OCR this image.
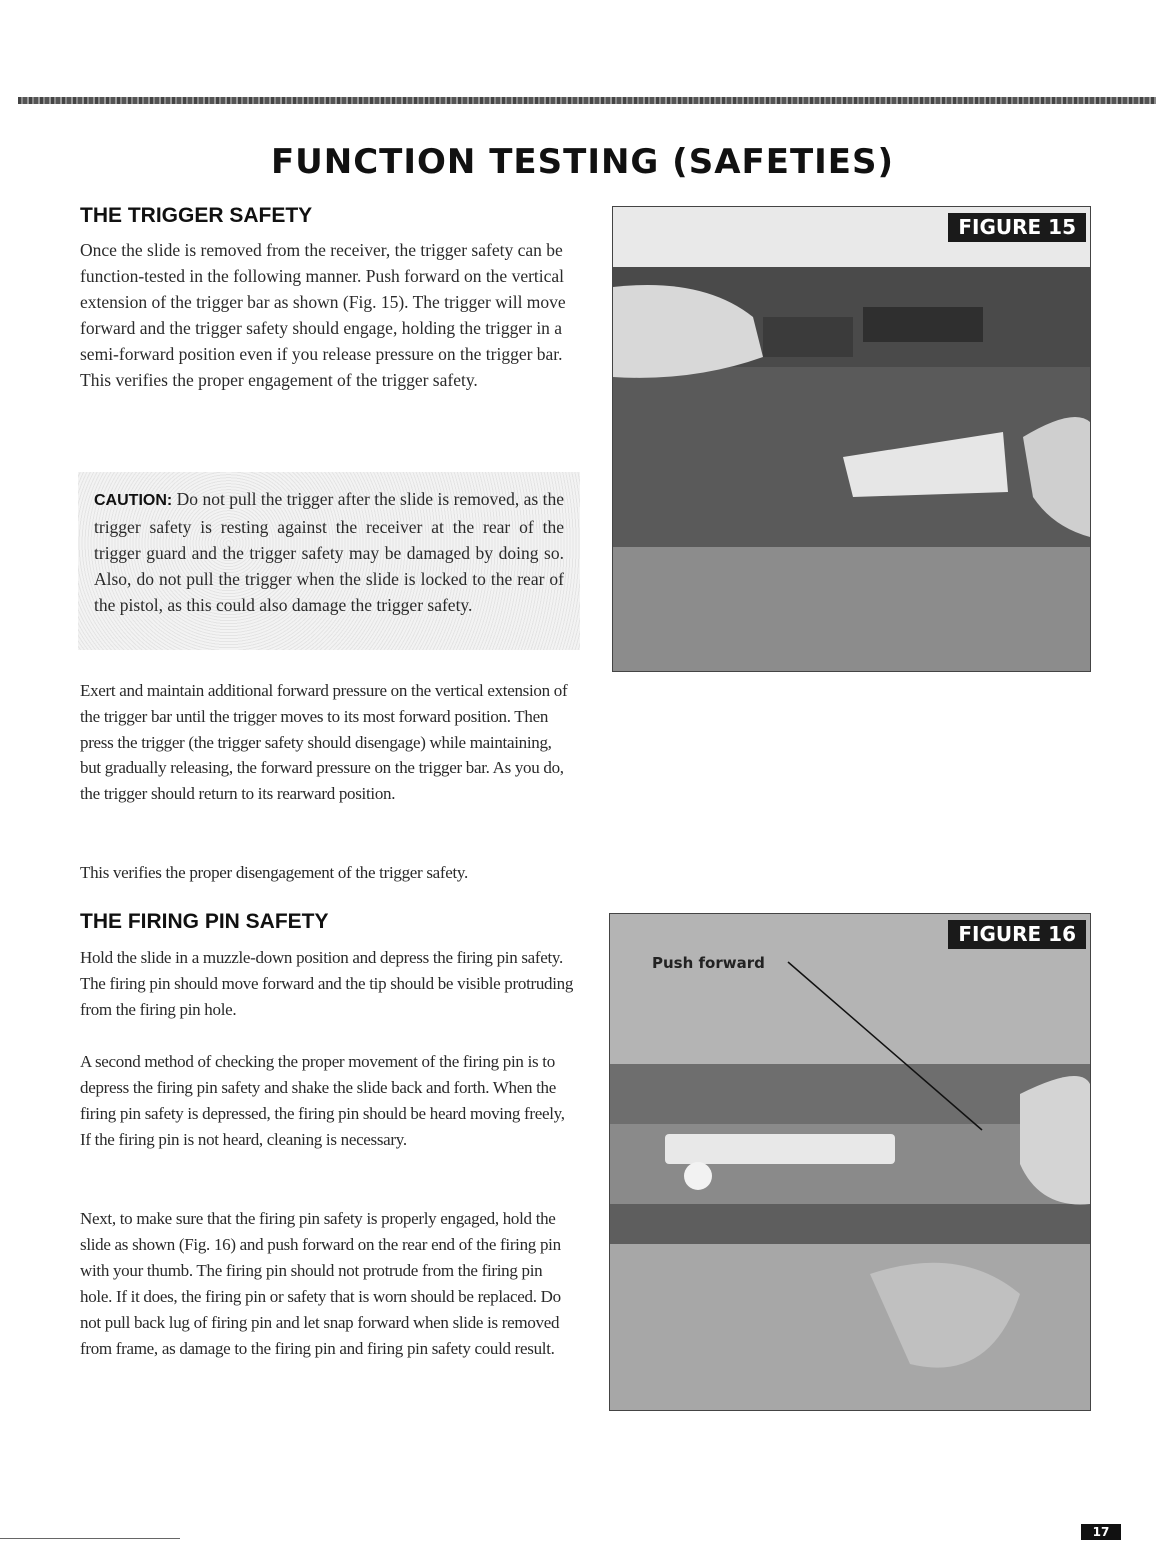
FUNCTION TESTING (SAFETIES)
THE TRIGGER SAFETY

Once the slide is removed from the receiver, the trigger safety can be function-tested in the following manner. Push forward on the vertical extension of the trigger bar as shown (Fig. 15). The trigger will move forward and the trigger safety should engage, holding the trigger in a semi-forward position even if you release pressure on the trigger bar. This verifies the proper engagement of the trigger safety.

CAUTION: Do not pull the trigger after the slide is removed, as the trigger safety is resting against the receiver at the rear of the trigger guard and the trigger safety may be damaged by doing so. Also, do not pull the trigger when the slide is locked to the rear of the pistol, as this could also damage the trigger safety.

Exert and maintain additional forward pressure on the vertical extension of the trigger bar until the trigger moves to its most forward position. Then press the trigger (the trigger safety should disengage) while maintaining, but gradually releasing, the forward pressure on the trigger bar. As you do, the trigger should return to its rearward position.

This verifies the proper disengagement of the trigger safety.

FIGURE 15
THE FIRING PIN SAFETY

Hold the slide in a muzzle-down position and depress the firing pin safety. The firing pin should move forward and the tip should be visible protruding from the firing pin hole.

A second method of checking the proper movement of the firing pin is to depress the firing pin safety and shake the slide back and forth. When the firing pin safety is depressed, the firing pin should be heard moving freely, If the firing pin is not heard, cleaning is necessary.

Next, to make sure that the firing pin safety is properly engaged, hold the slide as shown (Fig. 16) and push forward on the rear end of the firing pin with your thumb. The firing pin should not protrude from the firing pin hole. If it does, the firing pin or safety that is worn should be replaced. Do not pull back lug of firing pin and let snap forward when slide is removed from frame, as damage to the firing pin and firing pin safety could result.

Push forward
FIGURE 16
17
